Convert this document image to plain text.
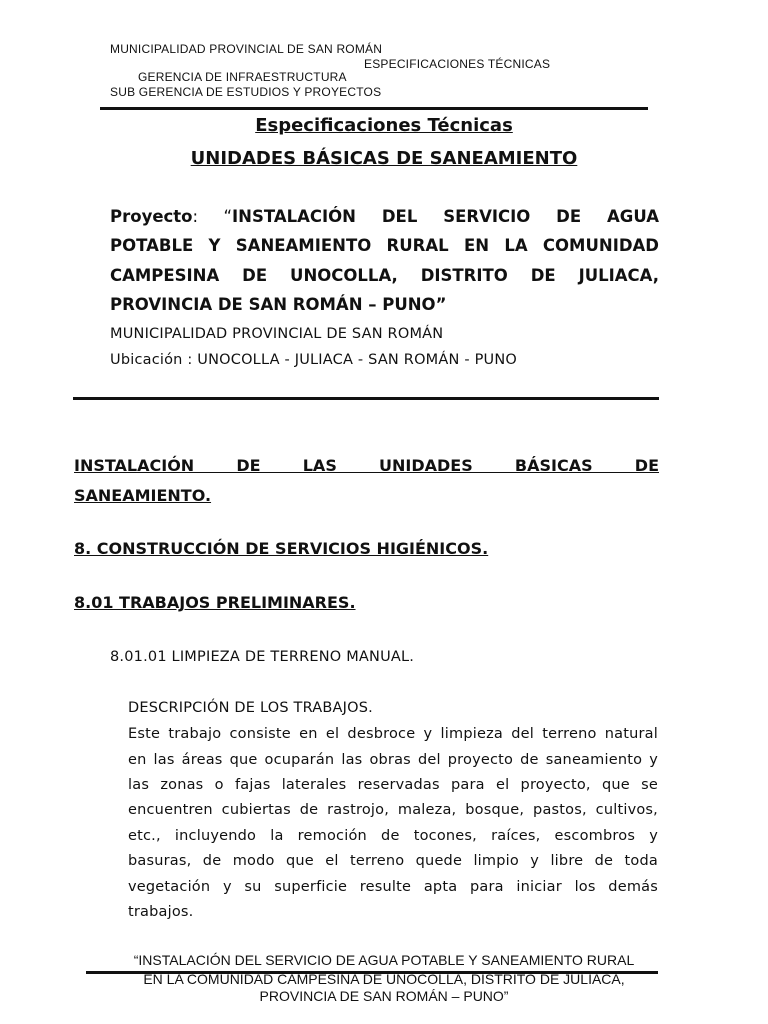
MUNICIPALIDAD PROVINCIAL DE SAN ROMÁN
ESPECIFICACIONES TÉCNICAS
GERENCIA DE INFRAESTRUCTURA
SUB GERENCIA DE ESTUDIOS Y PROYECTOS
Especificaciones Técnicas
UNIDADES BÁSICAS DE SANEAMIENTO
Proyecto: “INSTALACIÓN DEL SERVICIO DE AGUA
POTABLE Y SANEAMIENTO RURAL EN LA COMUNIDAD
CAMPESINA DE UNOCOLLA, DISTRITO DE JULIACA,
PROVINCIA DE SAN ROMÁN – PUNO”
MUNICIPALIDAD PROVINCIAL DE SAN ROMÁN
Ubicación : UNOCOLLA - JULIACA - SAN ROMÁN - PUNO
INSTALACIÓN DE LAS UNIDADES BÁSICAS DE
SANEAMIENTO.
8. CONSTRUCCIÓN DE SERVICIOS HIGIÉNICOS.
8.01 TRABAJOS PRELIMINARES.
8.01.01 LIMPIEZA DE TERRENO MANUAL.
DESCRIPCIÓN DE LOS TRABAJOS.
Este trabajo consiste en el desbroce y limpieza del terreno natural
en las áreas que ocuparán las obras del proyecto de saneamiento y
las zonas o fajas laterales reservadas para el proyecto, que se
encuentren cubiertas de rastrojo, maleza, bosque, pastos, cultivos,
etc., incluyendo la remoción de tocones, raíces, escombros y
basuras, de modo que el terreno quede limpio y libre de toda
vegetación y su superficie resulte apta para iniciar los demás
trabajos.
“INSTALACIÓN DEL SERVICIO DE AGUA POTABLE Y SANEAMIENTO RURAL
EN LA COMUNIDAD CAMPESINA DE UNOCOLLA, DISTRITO DE JULIACA,
PROVINCIA DE SAN ROMÁN – PUNO”
